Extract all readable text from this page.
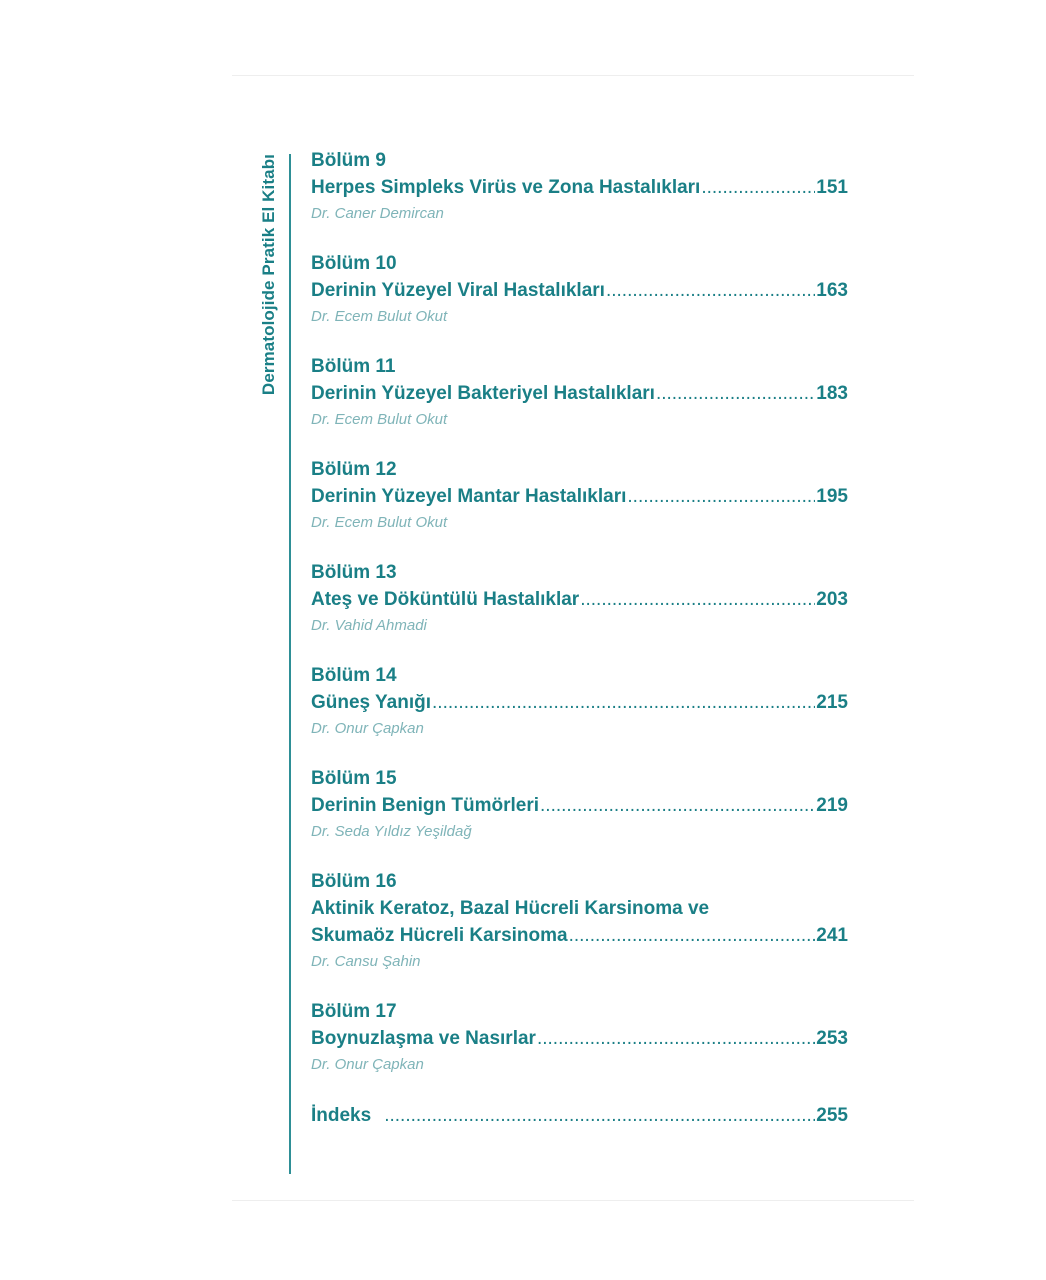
Dermatolojide Pratik El Kitabı Bölüm 9
Herpes Simpleks Virüs ve Zona Hastalıkları .....	151
Dr. Caner Demircan
Bölüm 10
Derinin Yüzeyel Viral Hastalıkları .....	163
Dr. Ecem Bulut Okut
Bölüm 11
Derinin Yüzeyel Bakteriyel Hastalıkları .....	183
Dr. Ecem Bulut Okut
Bölüm 12
Derinin Yüzeyel Mantar Hastalıkları .....	195
Dr. Ecem Bulut Okut
Bölüm 13
Ateş ve Döküntülü Hastalıklar .....	203
Dr. Vahid Ahmadi
Bölüm 14
Güneş Yanığı .....	215
Dr. Onur Çapkan
Bölüm 15
Derinin Benign Tümörleri .....	219
Dr. Seda Yıldız Yeşildağ
Bölüm 16
Aktinik Keratoz, Bazal Hücreli Karsinoma ve
Skumaöz Hücreli Karsinoma .....	241
Dr. Cansu Şahin
Bölüm 17
Boynuzlaşma ve Nasırlar .....	253
Dr. Onur Çapkan
İndeks .....	255
